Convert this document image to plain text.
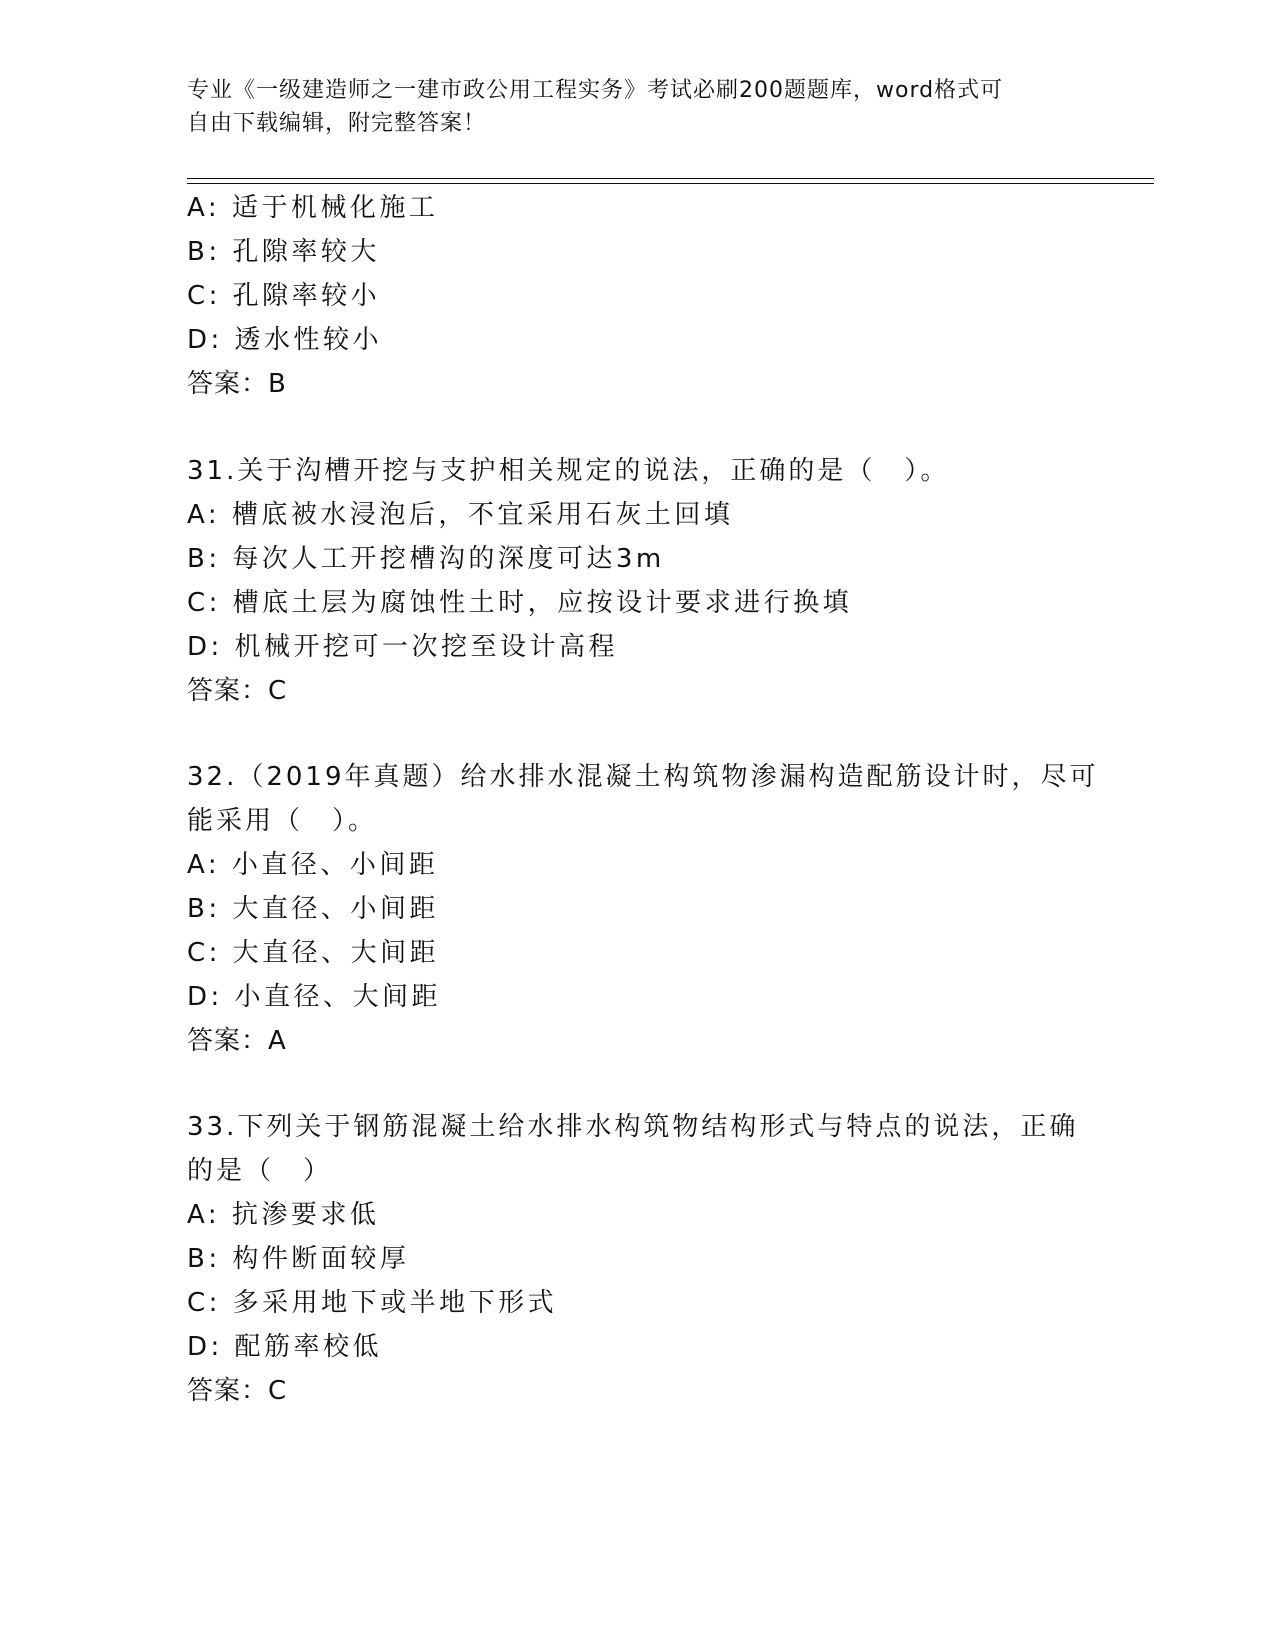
专业《一级建造师之一建市政公用工程实务》考试必刷200题题库，word格式可
自由下载编辑，附完整答案！
A: 适于机械化施工
B: 孔隙率较大
C: 孔隙率较小
D: 透水性较小
答案：B
31.关于沟槽开挖与支护相关规定的说法，正确的是（　）。
A: 槽底被水浸泡后，不宜采用石灰土回填
B: 每次人工开挖槽沟的深度可达3m
C: 槽底土层为腐蚀性土时，应按设计要求进行换填
D: 机械开挖可一次挖至设计高程
答案：C
32.（2019年真题）给水排水混凝土构筑物渗漏构造配筋设计时，尽可
能采用（　）。
A: 小直径、小间距
B: 大直径、小间距
C: 大直径、大间距
D: 小直径、大间距
答案：A
33.下列关于钢筋混凝土给水排水构筑物结构形式与特点的说法，正确
的是（　）
A: 抗渗要求低
B: 构件断面较厚
C: 多采用地下或半地下形式
D: 配筋率校低
答案：C
